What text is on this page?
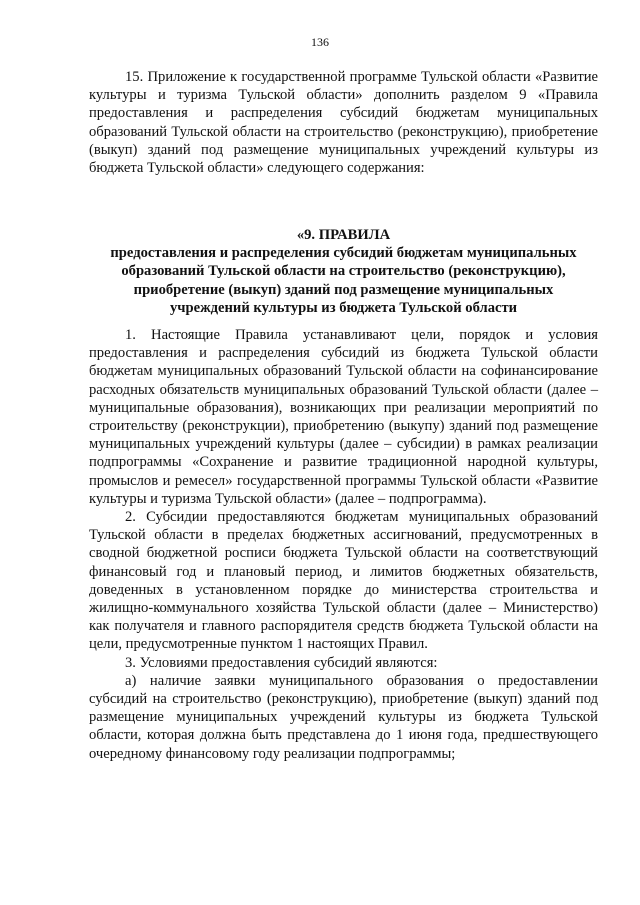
136

15. Приложение к государственной программе Тульской области «Развитие культуры и туризма Тульской области» дополнить разделом 9 «Правила предоставления и распределения субсидий бюджетам муниципальных образований Тульской области на строительство (реконструкцию), приобретение (выкуп) зданий под размещение муниципальных учреждений культуры из бюджета Тульской области» следующего содержания:

«9. ПРАВИЛА
предоставления и распределения субсидий бюджетам муниципальных образований Тульской области на строительство (реконструкцию), приобретение (выкуп) зданий под размещение муниципальных учреждений культуры из бюджета Тульской области

1. Настоящие Правила устанавливают цели, порядок и условия предоставления и распределения субсидий из бюджета Тульской области бюджетам муниципальных образований Тульской области на софинансирование расходных обязательств муниципальных образований Тульской области (далее – муниципальные образования), возникающих при реализации мероприятий по строительству (реконструкции), приобретению (выкупу) зданий под размещение муниципальных учреждений культуры (далее – субсидии) в рамках реализации подпрограммы «Сохранение и развитие традиционной народной культуры, промыслов и ремесел» государственной программы Тульской области «Развитие культуры и туризма Тульской области» (далее – подпрограмма).

2. Субсидии предоставляются бюджетам муниципальных образований Тульской области в пределах бюджетных ассигнований, предусмотренных в сводной бюджетной росписи бюджета Тульской области на соответствующий финансовый год и плановый период, и лимитов бюджетных обязательств, доведенных в установленном порядке до министерства строительства и жилищно-коммунального хозяйства Тульской области (далее – Министерство) как получателя и главного распорядителя средств бюджета Тульской области на цели, предусмотренные пунктом 1 настоящих Правил.

3. Условиями предоставления субсидий являются:

а) наличие заявки муниципального образования о предоставлении субсидий на строительство (реконструкцию), приобретение (выкуп) зданий под размещение муниципальных учреждений культуры из бюджета Тульской области, которая должна быть представлена до 1 июня года, предшествующего очередному финансовому году реализации подпрограммы;
